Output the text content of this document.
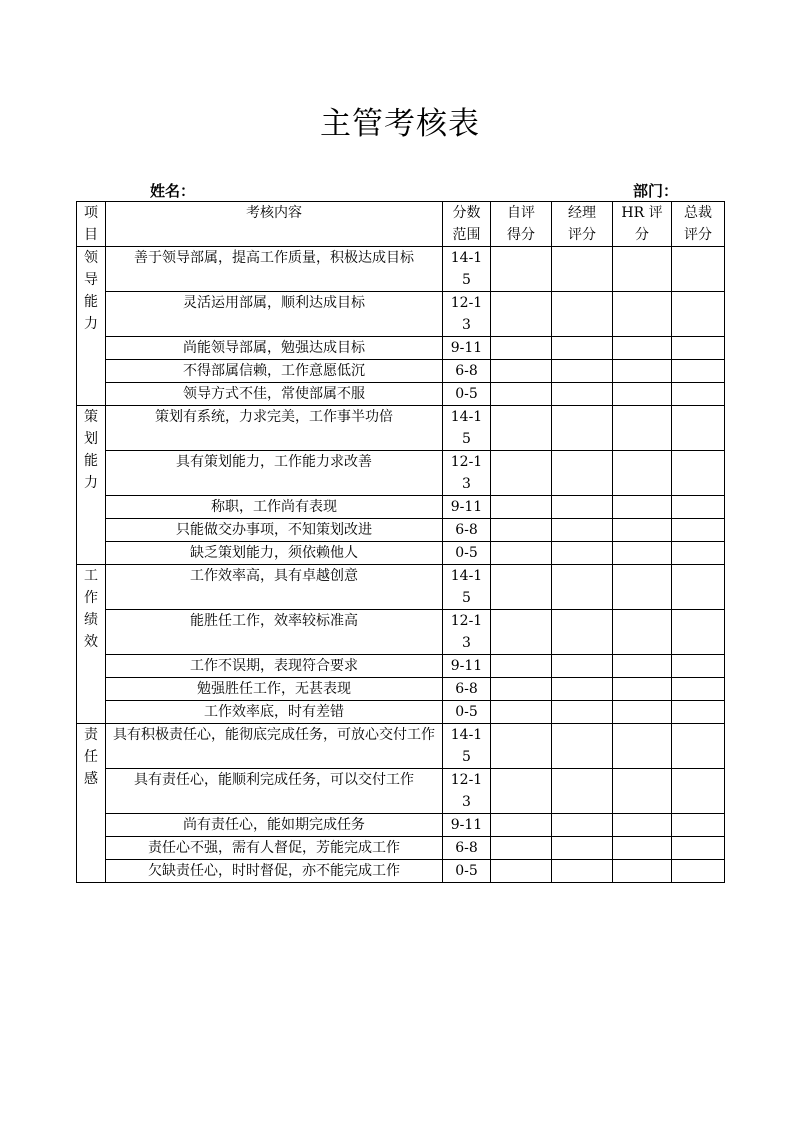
主管考核表
姓名：	部门：
项目	考核内容	分数范围	自评得分	经理评分	HR 评分	总裁评分

领导能力	善于领导部属，提高工作质量，积极达成目标	14-15				

	灵活运用部属，顺利达成目标	12-13				

	尚能领导部属，勉强达成目标	9-11				

	不得部属信赖，工作意愿低沉	6-8				

	领导方式不佳，常使部属不服	0-5				

策划能力	策划有系统，力求完美，工作事半功倍	14-15				

	具有策划能力，工作能力求改善	12-13				

	称职，工作尚有表现	9-11				

	只能做交办事项，不知策划改进	6-8				

	缺乏策划能力，须依赖他人	0-5				

工作绩效	工作效率高，具有卓越创意	14-15				

	能胜任工作，效率较标准高	12-13				

	工作不误期，表现符合要求	9-11				

	勉强胜任工作，无甚表现	6-8				

	工作效率底，时有差错	0-5				

责任感	具有积极责任心，能彻底完成任务，可放心交付工作	14-15				

	具有责任心，能顺利完成任务，可以交付工作	12-13				

	尚有责任心，能如期完成任务	9-11				

	责任心不强，需有人督促，芳能完成工作	6-8				

	欠缺责任心，时时督促，亦不能完成工作	0-5				
